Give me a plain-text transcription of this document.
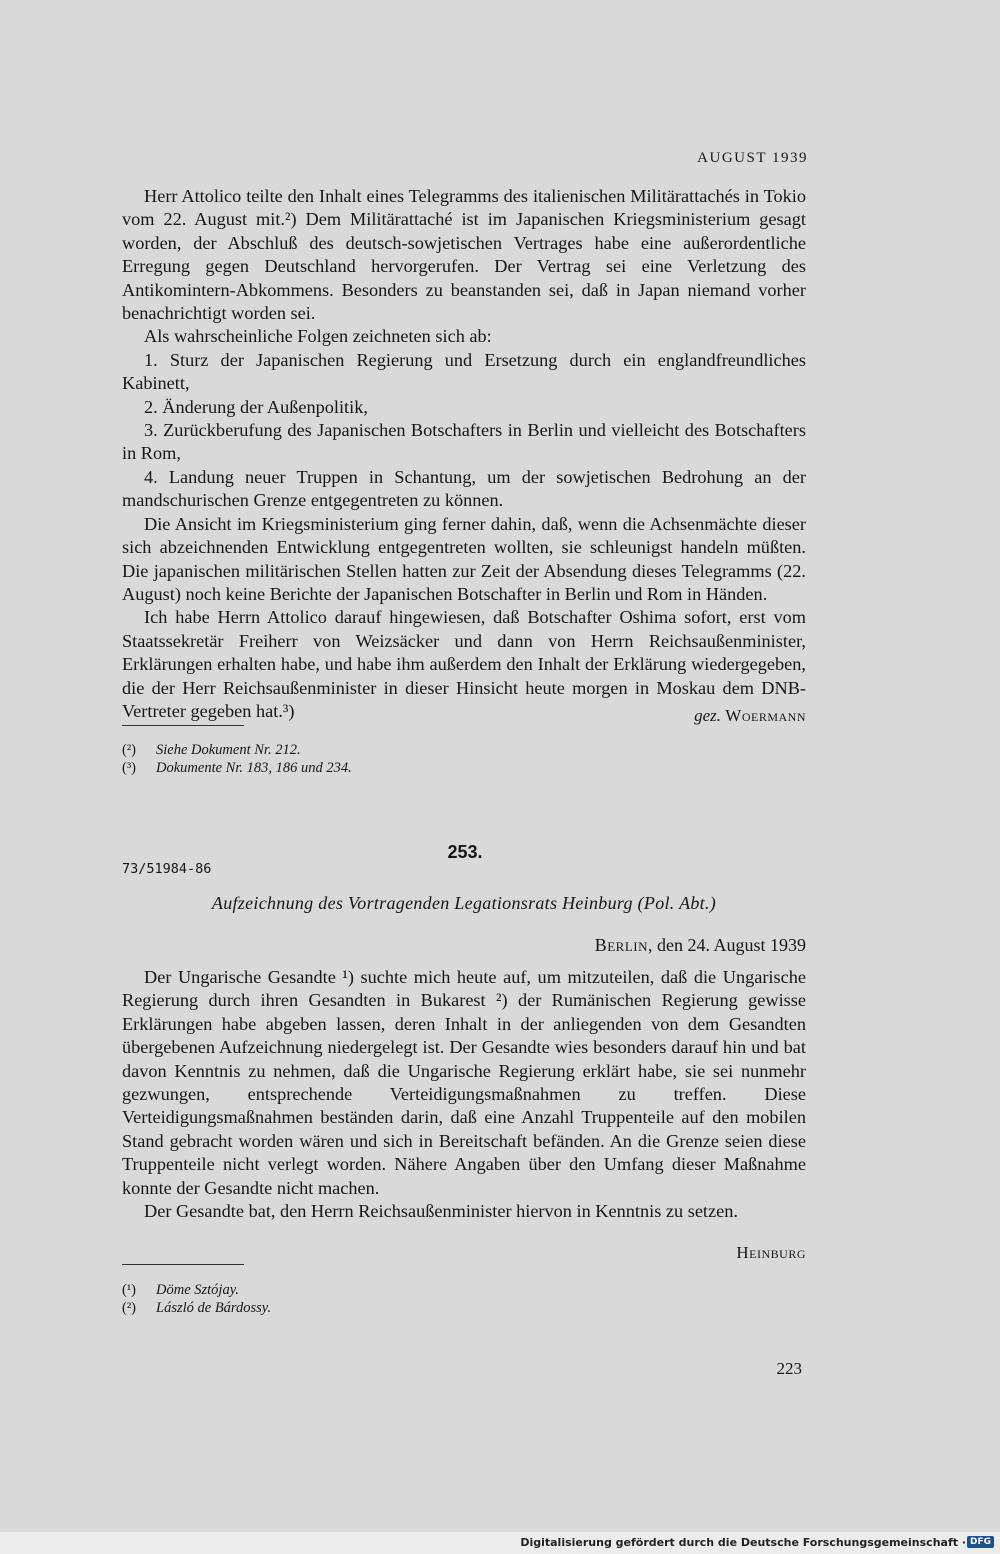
AUGUST 1939

Herr Attolico teilte den Inhalt eines Telegramms des italienischen Militärattachés in Tokio vom 22. August mit.²) Dem Militärattaché ist im Japanischen Kriegsministerium gesagt worden, der Abschluß des deutsch-sowjetischen Vertrages habe eine außerordentliche Erregung gegen Deutschland hervorgerufen. Der Vertrag sei eine Verletzung des Antikomintern-Abkommens. Besonders zu beanstanden sei, daß in Japan niemand vorher benachrichtigt worden sei.

Als wahrscheinliche Folgen zeichneten sich ab:

1. Sturz der Japanischen Regierung und Ersetzung durch ein englandfreundliches Kabinett,

2. Änderung der Außenpolitik,

3. Zurückberufung des Japanischen Botschafters in Berlin und vielleicht des Botschafters in Rom,

4. Landung neuer Truppen in Schantung, um der sowjetischen Bedrohung an der mandschurischen Grenze entgegentreten zu können.

Die Ansicht im Kriegsministerium ging ferner dahin, daß, wenn die Achsenmächte dieser sich abzeichnenden Entwicklung entgegentreten wollten, sie schleunigst handeln müßten. Die japanischen militärischen Stellen hatten zur Zeit der Absendung dieses Telegramms (22. August) noch keine Berichte der Japanischen Botschafter in Berlin und Rom in Händen.

Ich habe Herrn Attolico darauf hingewiesen, daß Botschafter Oshima sofort, erst vom Staatssekretär Freiherr von Weizsäcker und dann von Herrn Reichsaußenminister, Erklärungen erhalten habe, und habe ihm außerdem den Inhalt der Erklärung wiedergegeben, die der Herr Reichsaußenminister in dieser Hinsicht heute morgen in Moskau dem DNB-Vertreter gegeben hat.³)	gez. Woermann
(²) Siehe Dokument Nr. 212.
(³) Dokumente Nr. 183, 186 und 234.
253.
73/51984-86
Aufzeichnung des Vortragenden Legationsrats Heinburg (Pol. Abt.)
Berlin, den 24. August 1939

Der Ungarische Gesandte ¹) suchte mich heute auf, um mitzuteilen, daß die Ungarische Regierung durch ihren Gesandten in Bukarest ²) der Rumänischen Regierung gewisse Erklärungen habe abgeben lassen, deren Inhalt in der anliegenden von dem Gesandten übergebenen Aufzeichnung niedergelegt ist. Der Gesandte wies besonders darauf hin und bat davon Kenntnis zu nehmen, daß die Ungarische Regierung erklärt habe, sie sei nunmehr gezwungen, entsprechende Verteidigungsmaßnahmen zu treffen. Diese Verteidigungsmaßnahmen beständen darin, daß eine Anzahl Truppenteile auf den mobilen Stand gebracht worden wären und sich in Bereitschaft befänden. An die Grenze seien diese Truppenteile nicht verlegt worden. Nähere Angaben über den Umfang dieser Maßnahme konnte der Gesandte nicht machen.

Der Gesandte bat, den Herrn Reichsaußenminister hiervon in Kenntnis zu setzen.

Heinburg
(¹) Döme Sztójay.
(²) László de Bárdossy.
223
Digitalisierung gefördert durch die Deutsche Forschungsgemeinschaft · DFG
